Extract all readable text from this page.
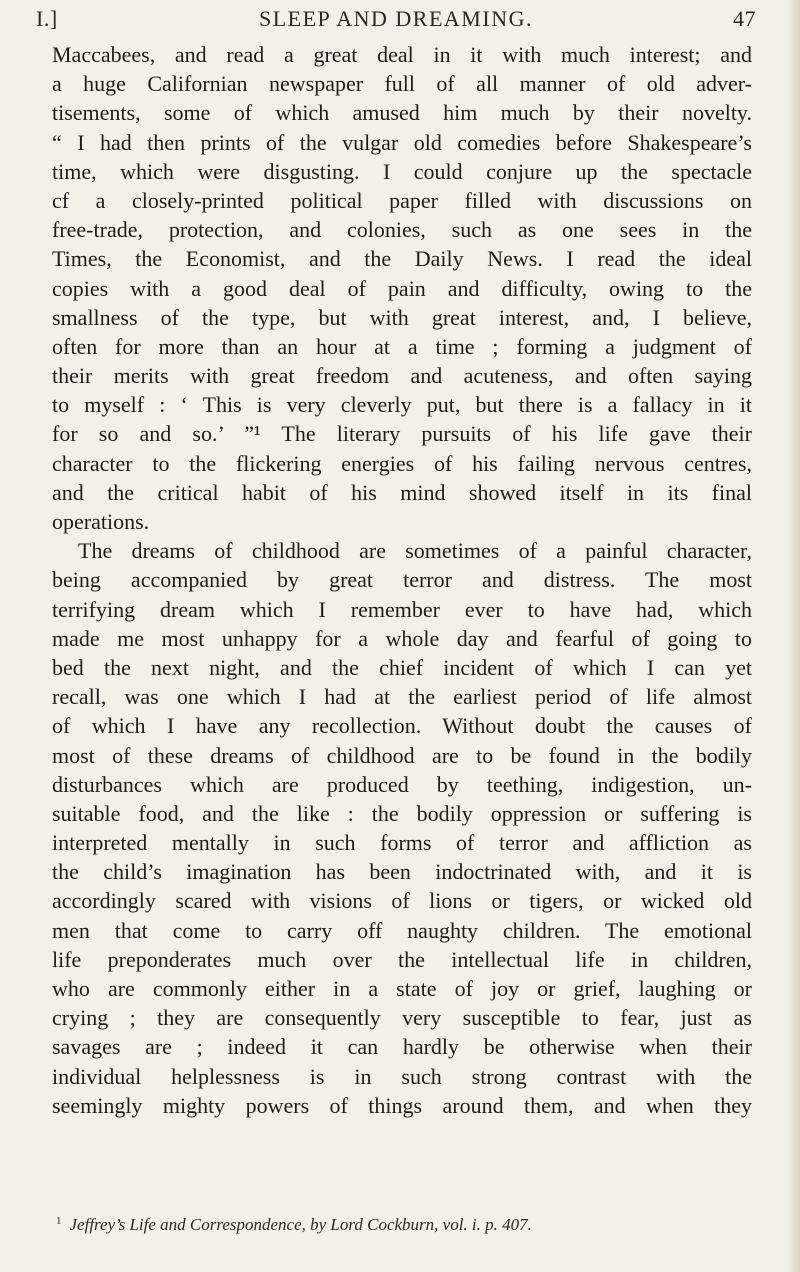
I.]	SLEEP AND DREAMING.	47
Maccabees, and read a great deal in it with much interest; and
a huge Californian newspaper full of all manner of old adver-
tisements, some of which amused him much by their novelty.
“ I had then prints of the vulgar old comedies before Shakespeare’s
time, which were disgusting. I could conjure up the spectacle
cf a closely-printed political paper filled with discussions on
free-trade, protection, and colonies, such as one sees in the
Times, the Economist, and the Daily News. I read the ideal
copies with a good deal of pain and difficulty, owing to the
smallness of the type, but with great interest, and, I believe,
often for more than an hour at a time ; forming a judgment of
their merits with great freedom and acuteness, and often saying
to myself : ‘ This is very cleverly put, but there is a fallacy in it
for so and so.’ ”¹ The literary pursuits of his life gave their
character to the flickering energies of his failing nervous centres,
and the critical habit of his mind showed itself in its final
operations.
The dreams of childhood are sometimes of a painful character,
being accompanied by great terror and distress. The most
terrifying dream which I remember ever to have had, which
made me most unhappy for a whole day and fearful of going to
bed the next night, and the chief incident of which I can yet
recall, was one which I had at the earliest period of life almost
of which I have any recollection. Without doubt the causes of
most of these dreams of childhood are to be found in the bodily
disturbances which are produced by teething, indigestion, un-
suitable food, and the like : the bodily oppression or suffering is
interpreted mentally in such forms of terror and affliction as
the child’s imagination has been indoctrinated with, and it is
accordingly scared with visions of lions or tigers, or wicked old
men that come to carry off naughty children. The emotional
life preponderates much over the intellectual life in children,
who are commonly either in a state of joy or grief, laughing or
crying ; they are consequently very susceptible to fear, just as
savages are ; indeed it can hardly be otherwise when their
individual helplessness is in such strong contrast with the
seemingly mighty powers of things around them, and when they
$^1$ Jeffrey’s Life and Correspondence, by Lord Cockburn, vol. i. p. 407.
